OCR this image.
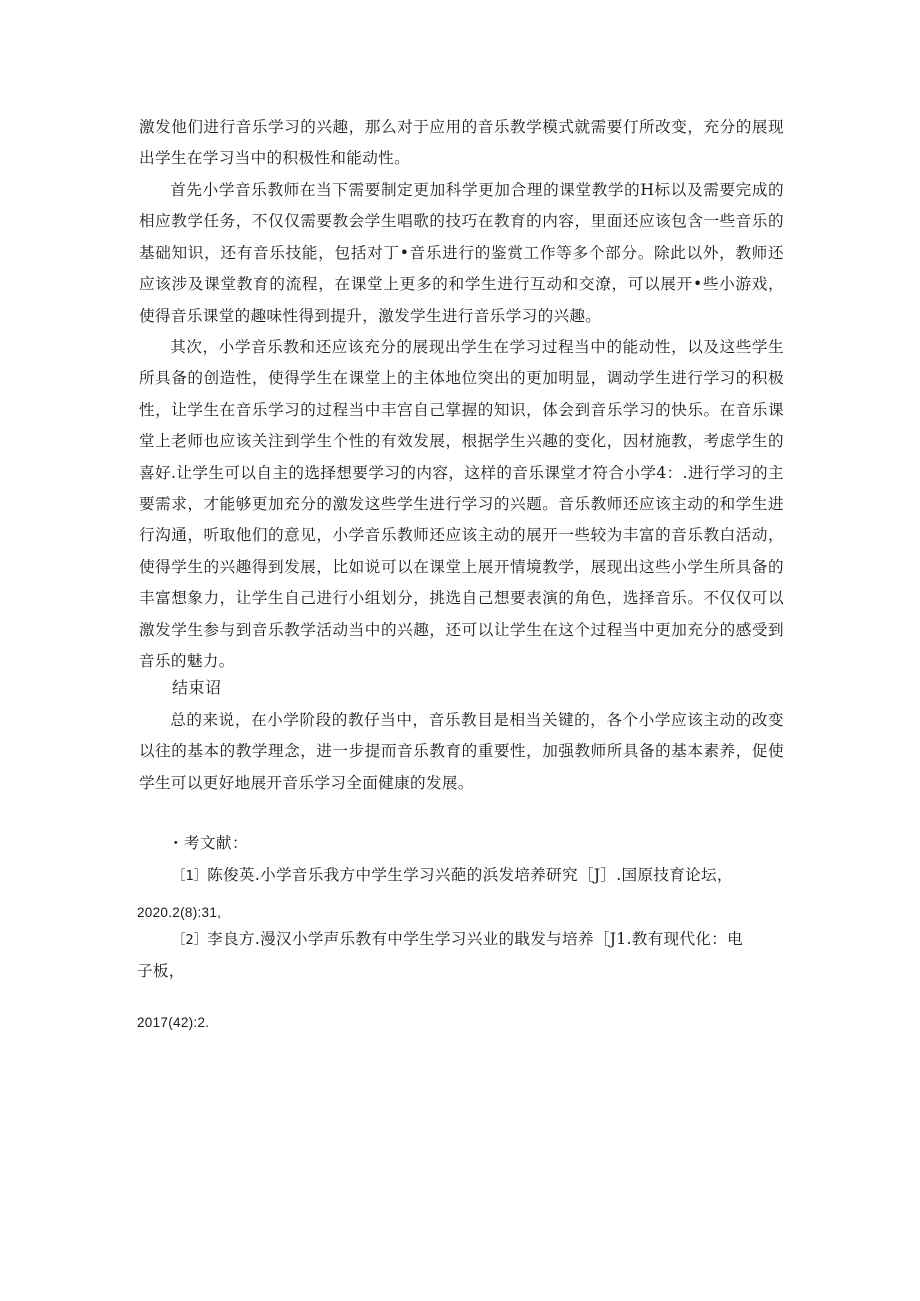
激发他们进行音乐学习的兴趣，那么对于应用的音乐教学模式就需要仃所改变，充分的展现出学生在学习当中的积极性和能动性。

首先小学音乐教师在当下需要制定更加科学更加合理的课堂教学的H标以及需要完成的相应教学任务，不仅仅需要教会学生唱歌的技巧在教育的内容，里面还应该包含一些音乐的基础知识，还有音乐技能，包括对丁•音乐进行的鉴赏工作等多个部分。除此以外，教师还应该涉及课堂教育的流程，在课堂上更多的和学生进行互动和交潦，可以展开•些小游戏，使得音乐课堂的趣味性得到提升，激发学生进行音乐学习的兴趣。

其次，小学音乐教和还应该充分的展现出学生在学习过程当中的能动性，以及这些学生所具备的创造性，使得学生在课堂上的主体地位突出的更加明显，调动学生进行学习的积极性，让学生在音乐学习的过程当中丰宫自己掌握的知识，体会到音乐学习的快乐。在音乐课堂上老师也应该关注到学生个性的有效发展，根据学生兴趣的变化，因材施教，考虑学生的喜好.让学生可以自主的选择想要学习的内容，这样的音乐课堂才符合小学4：.进行学习的主要需求，才能够更加充分的激发这些学生进行学习的兴题。音乐教师还应该主动的和学生进行沟通，听取他们的意见，小学音乐教师还应该主动的展开一些较为丰富的音乐教白活动，使得学生的兴趣得到发展，比如说可以在课堂上展开情境教学，展现出这些小学生所具备的丰富想象力，让学生自己进行小组划分，挑选自己想要表演的角色，选择音乐。不仅仅可以激发学生参与到音乐教学活动当中的兴趣，还可以让学生在这个过程当中更加充分的感受到音乐的魅力。

结束诏

总的来说，在小学阶段的教仔当中，音乐教目是相当关键的，各个小学应该主动的改变以往的基本的教学理念，进一步提而音乐教育的重要性，加强教师所具备的基本素养，促使学生可以更好地展开音乐学习全面健康的发展。

・考文献：
［1］陈俊英.小学音乐我方中学生学习兴葩的浜发培养研究［J］.国原技育论坛，
2020.2(8):31,
［2］李良方.漫汉小学声乐教有中学生学习兴业的戢发与培养［J1.教有现代化：电
子板，
2017(42):2.
